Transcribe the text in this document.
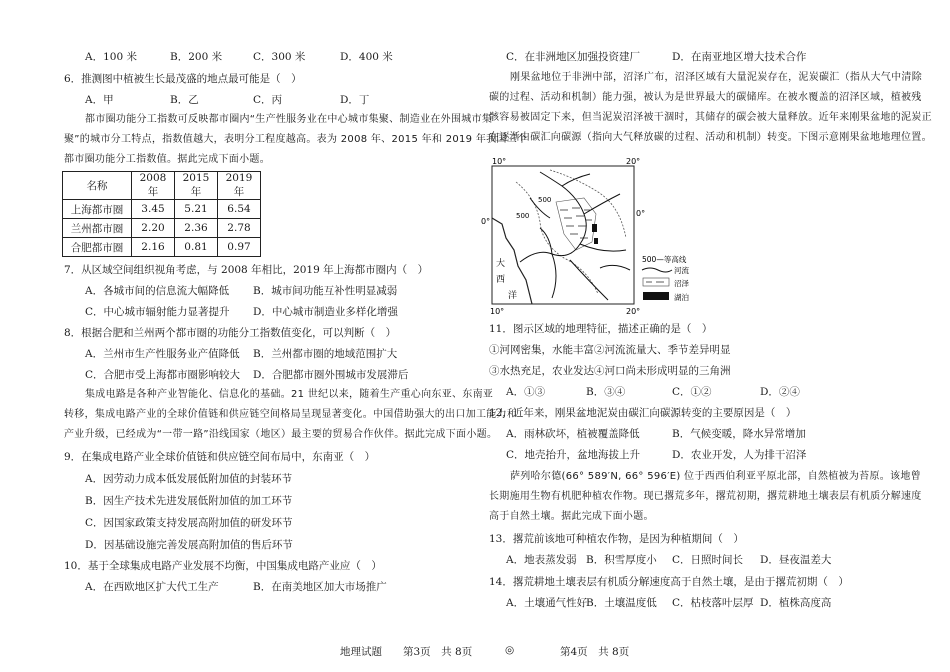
A．100 米	B．200 米	C．300 米	D．400 米
6．推测图中植被生长最茂盛的地点最可能是（　）
A．甲	B．乙	C．丙	D．丁
都市圈功能分工指数可反映都市圈内“生产性服务业在中心城市集聚、制造业在外围城市集
聚”的城市分工特点，指数值越大，表明分工程度越高。表为 2008 年、2015 年和 2019 年我国三个
都市圈功能分工指数值。据此完成下面小题。
名称	2008 年	2015 年	2019 年
上海都市圈	3.45	5.21	6.54
兰州都市圈	2.20	2.36	2.78
合肥都市圈	2.16	0.81	0.97
7．从区域空间组织视角考虑，与 2008 年相比，2019 年上海都市圈内（　）
A．各城市间的信息流大幅降低 B．城市间功能互补性明显减弱
C．中心城市辐射能力显著提升 D．中心城市制造业多样化增强
8．根据合肥和兰州两个都市圈的功能分工指数值变化，可以判断（　）
A．兰州市生产性服务业产值降低 B．兰州都市圈的地域范围扩大
C．合肥市受上海都市圈影响较大 D．合肥都市圈外围城市发展滞后
集成电路是各种产业智能化、信息化的基础。21 世纪以来，随着生产重心向东亚、东南亚
转移，集成电路产业的全球价值链和供应链空间格局呈现显著变化。中国借助强大的出口加工能力和
产业升级，已经成为“一带一路”沿线国家（地区）最主要的贸易合作伙伴。据此完成下面小题。
9．在集成电路产业全球价值链和供应链空间布局中，东南亚（　）
A．因劳动力成本低发展低附加值的封装环节
B．因生产技术先进发展低附加值的加工环节
C．因国家政策支持发展高附加值的研发环节
D．因基础设施完善发展高附加值的售后环节
10．基于全球集成电路产业发展不均衡，中国集成电路产业应（　）
A．在西欧地区扩大代工生产	B．在南美地区加大市场推广
C．在非洲地区加强投资建厂	D．在南亚地区增大技术合作
刚果盆地位于非洲中部，沼泽广布，沼泽区域有大量泥炭存在，泥炭碳汇（指从大气中清除
碳的过程、活动和机制）能力强，被认为是世界最大的碳储库。在被水覆盖的沼泽区域，植被残
骸容易被固定下来，但当泥炭沼泽被干涸时，其储存的碳会被大量释放。近年来刚果盆地的泥炭正
在逐渐由碳汇向碳源（指向大气释放碳的过程、活动和机制）转变。下图示意刚果盆地地理位置。
10°	20°
0°
0°
10°	20°
500
500
大
西
洋
500—等高线
河流
沼泽
湖泊
11．图示区域的地理特征，描述正确的是（　）
①河网密集，水能丰富②河流流量大、季节差异明显
③水热充足，农业发达④河口尚未形成明显的三角洲
A．①③	B．③④	C．①②	D．②④
12．近年来，刚果盆地泥炭由碳汇向碳源转变的主要原因是（　）
A．雨林砍坏，植被覆盖降低	B．气候变暖，降水异常增加
C．地壳抬升，盆地海拔上升	D．农业开发，人为排干沼泽
萨列哈尔德(66° 589′N, 66° 596′E) 位于西西伯利亚平原北部，自然植被为苔原。该地曾
长期施用生物有机肥种植农作物。现已撂荒多年，撂荒初期，撂荒耕地土壤表层有机质分解速度
高于自然土壤。据此完成下面小题。
13．撂荒前该地可种植农作物，是因为种植期间（　）
A．地表蒸发弱 B．积雪厚度小 C．日照时间长 D．昼夜温差大
14．撂荒耕地土壤表层有机质分解速度高于自然土壤，是由于撂荒初期（　）
A．土壤通气性好
B．土壤温度低 C．枯枝落叶层厚 D．植株高度高
地理试题　　第3页　共 8页	◎	第4页　共 8页
